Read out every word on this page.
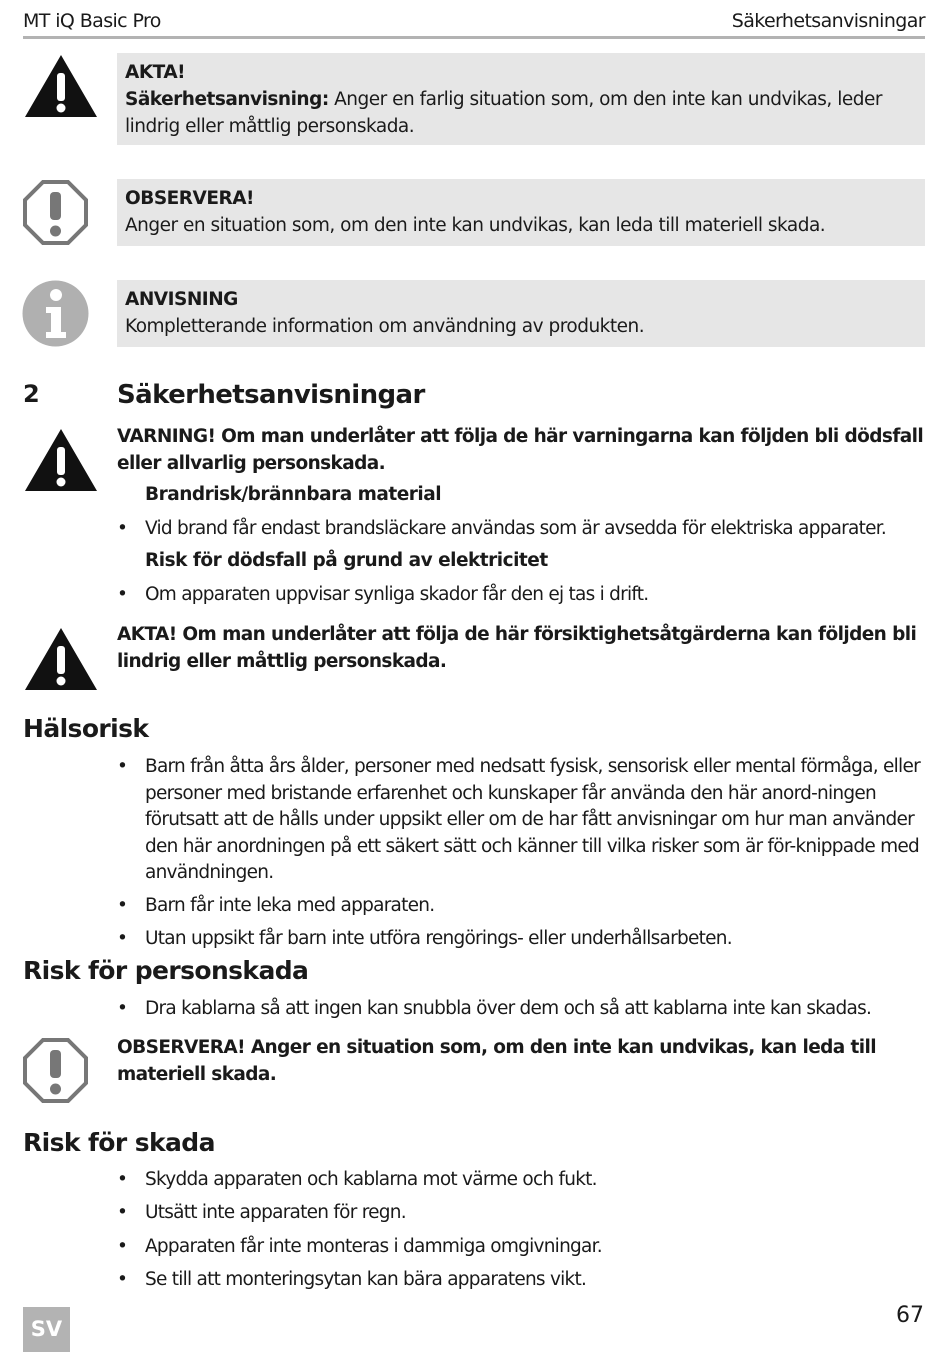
MT iQ Basic Pro	Säkerhetsanvisningar
AKTA!
Säkerhetsanvisning: Anger en farlig situation som, om den inte kan undvikas, leder lindrig eller måttlig personskada.
OBSERVERA!
Anger en situation som, om den inte kan undvikas, kan leda till materiell skada.
ANVISNING
Kompletterande information om användning av produkten.
2	Säkerhetsanvisningar
VARNING! Om man underlåter att följa de här varningarna kan följden bli dödsfall eller allvarlig personskada.
Brandrisk/brännbara material
• Vid brand får endast brandsläckare användas som är avsedda för elektriska apparater.
Risk för dödsfall på grund av elektricitet
• Om apparaten uppvisar synliga skador får den ej tas i drift.
AKTA! Om man underlåter att följa de här försiktighetsåtgärderna kan följden bli lindrig eller måttlig personskada.
Hälsorisk
• Barn från åtta års ålder, personer med nedsatt fysisk, sensorisk eller mental förmåga, eller personer med bristande erfarenhet och kunskaper får använda den här anord-ningen förutsatt att de hålls under uppsikt eller om de har fått anvisningar om hur man använder den här anordningen på ett säkert sätt och känner till vilka risker som är för-knippade med användningen.
• Barn får inte leka med apparaten.
• Utan uppsikt får barn inte utföra rengörings- eller underhållsarbeten.
Risk för personskada
• Dra kablarna så att ingen kan snubbla över dem och så att kablarna inte kan skadas.
OBSERVERA! Anger en situation som, om den inte kan undvikas, kan leda till materiell skada.
Risk för skada
• Skydda apparaten och kablarna mot värme och fukt.
• Utsätt inte apparaten för regn.
• Apparaten får inte monteras i dammiga omgivningar.
• Se till att monteringsytan kan bära apparatens vikt.
SV
67
